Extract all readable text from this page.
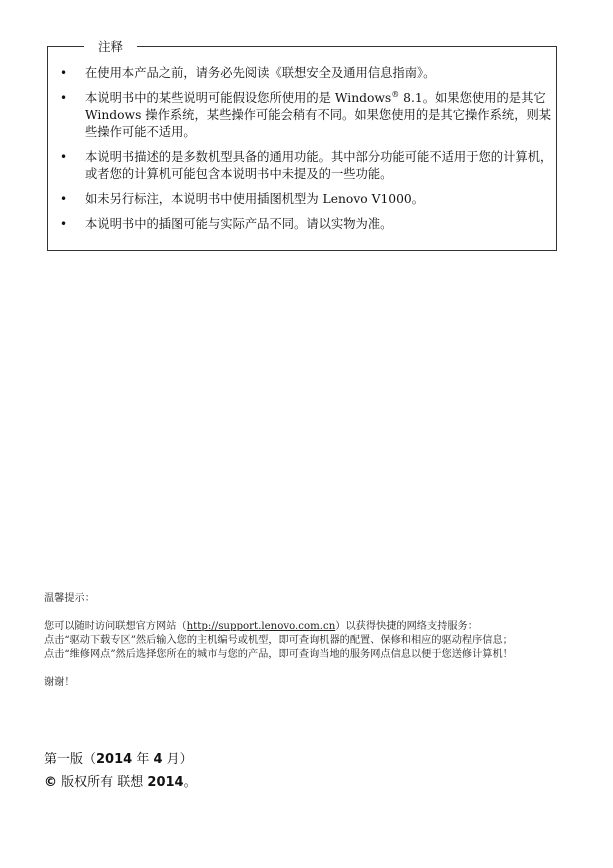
注释
• 在使用本产品之前，请务必先阅读《联想安全及通用信息指南》。
• 本说明书中的某些说明可能假设您所使用的是 Windows® 8.1。如果您使用的是其它 Windows 操作系统，某些操作可能会稍有不同。如果您使用的是其它操作系统，则某些操作可能不适用。
• 本说明书描述的是多数机型具备的通用功能。其中部分功能可能不适用于您的计算机，或者您的计算机可能包含本说明书中未提及的一些功能。
• 如未另行标注，本说明书中使用插图机型为 Lenovo V1000。
• 本说明书中的插图可能与实际产品不同。请以实物为准。
温馨提示：
您可以随时访问联想官方网站（http://support.lenovo.com.cn）以获得快捷的网络支持服务：
点击“驱动下载专区”然后输入您的主机编号或机型，即可查询机器的配置、保修和相应的驱动程序信息；
点击“维修网点”然后选择您所在的城市与您的产品，即可查询当地的服务网点信息以便于您送修计算机！
谢谢！
第一版（2014 年 4 月）
© 版权所有 联想 2014。
